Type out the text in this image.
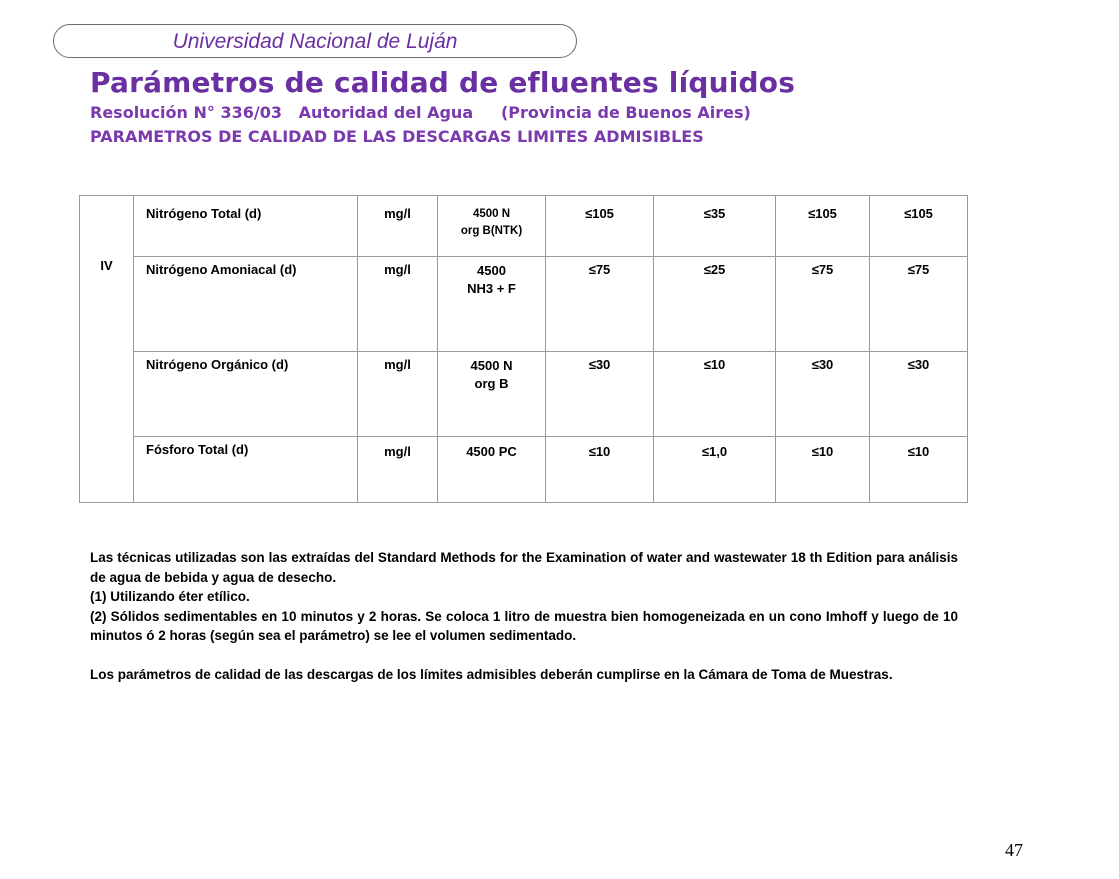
Universidad Nacional de Luján
Parámetros de calidad de efluentes líquidos
Resolución N° 336/03 Autoridad del Agua (Provincia de Buenos Aires)
PARAMETROS DE CALIDAD DE LAS DESCARGAS LIMITES ADMISIBLES
IV	Nitrógeno Total (d)	mg/l	4500 N
org B(NTK)	≤105	≤35	≤105	≤105
	Nitrógeno Amoniacal (d)	mg/l	4500
NH3 + F	≤75	≤25	≤75	≤75
	Nitrógeno Orgánico (d)	mg/l	4500 N
org B	≤30	≤10	≤30	≤30
	Fósforo Total (d)	mg/l	4500 PC	≤10	≤1,0	≤10	≤10

Las técnicas utilizadas son las extraídas del Standard Methods for the Examination of water and wastewater 18 th Edition para análisis de agua de bebida y agua de desecho.

(1) Utilizando éter etílico.

(2) Sólidos sedimentables en 10 minutos y 2 horas. Se coloca 1 litro de muestra bien homogeneizada en un cono Imhoff y luego de 10 minutos ó 2 horas (según sea el parámetro) se lee el volumen sedimentado.

Los parámetros de calidad de las descargas de los límites admisibles deberán cumplirse en la Cámara de Toma de Muestras.

47
